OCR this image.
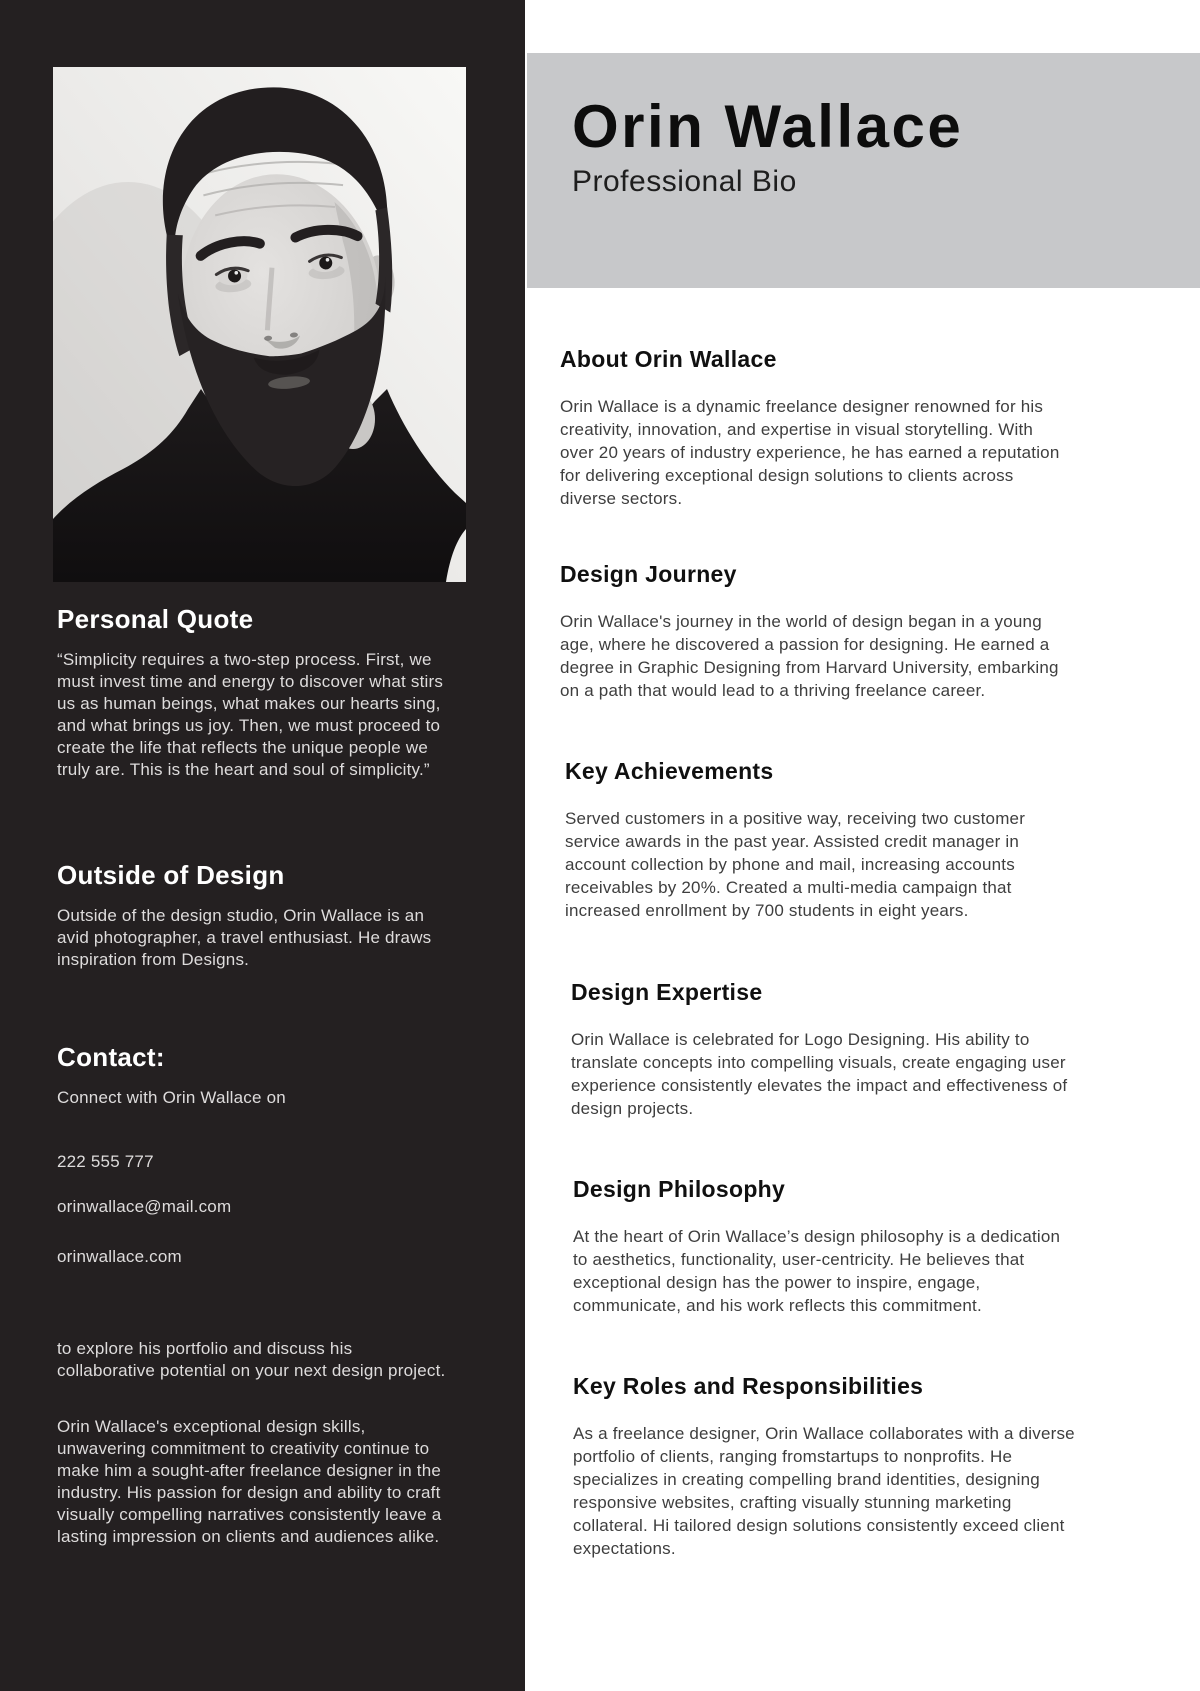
Personal Quote

“Simplicity requires a two-step process. First, we must invest time and energy to discover what stirs us as human beings, what makes our hearts sing, and what brings us joy. Then, we must proceed to create the life that reflects the unique people we truly are. This is the heart and soul of simplicity.”

Outside of Design

Outside of the design studio, Orin Wallace is an avid photographer, a travel enthusiast. He draws inspiration from Designs.

Contact:

Connect with Orin Wallace on

222 555 777

orinwallace@mail.com

orinwallace.com

to explore his portfolio and discuss his collaborative potential on your next design project.

Orin Wallace's exceptional design skills, unwavering commitment to creativity continue to make him a sought-after freelance designer in the industry. His passion for design and ability to craft visually compelling narratives consistently leave a lasting impression on clients and audiences alike.

Orin Wallace
Professional Bio
About Orin Wallace

Orin Wallace is a dynamic freelance designer renowned for his creativity, innovation, and expertise in visual storytelling. With over 20 years of industry experience, he has earned a reputation for delivering exceptional design solutions to clients across diverse sectors.

Design Journey

Orin Wallace's journey in the world of design began in a young age, where he discovered a passion for designing. He earned a degree in Graphic Designing from Harvard University, embarking on a path that would lead to a thriving freelance career.

Key Achievements

Served customers in a positive way, receiving two customer service awards in the past year. Assisted credit manager in account collection by phone and mail, increasing accounts receivables by 20%. Created a multi-media campaign that increased enrollment by 700 students in eight years.

Design Expertise

Orin Wallace is celebrated for Logo Designing. His ability to translate concepts into compelling visuals, create engaging user experience consistently elevates the impact and effectiveness of design projects.

Design Philosophy

At the heart of Orin Wallace’s design philosophy is a dedication to aesthetics, functionality, user-centricity. He believes that exceptional design has the power to inspire, engage, communicate, and his work reflects this commitment.

Key Roles and Responsibilities

As a freelance designer, Orin Wallace collaborates with a diverse portfolio of clients, ranging fromstartups to nonprofits. He specializes in creating compelling brand identities, designing responsive websites, crafting visually stunning marketing collateral. Hi tailored design solutions consistently exceed client expectations.
